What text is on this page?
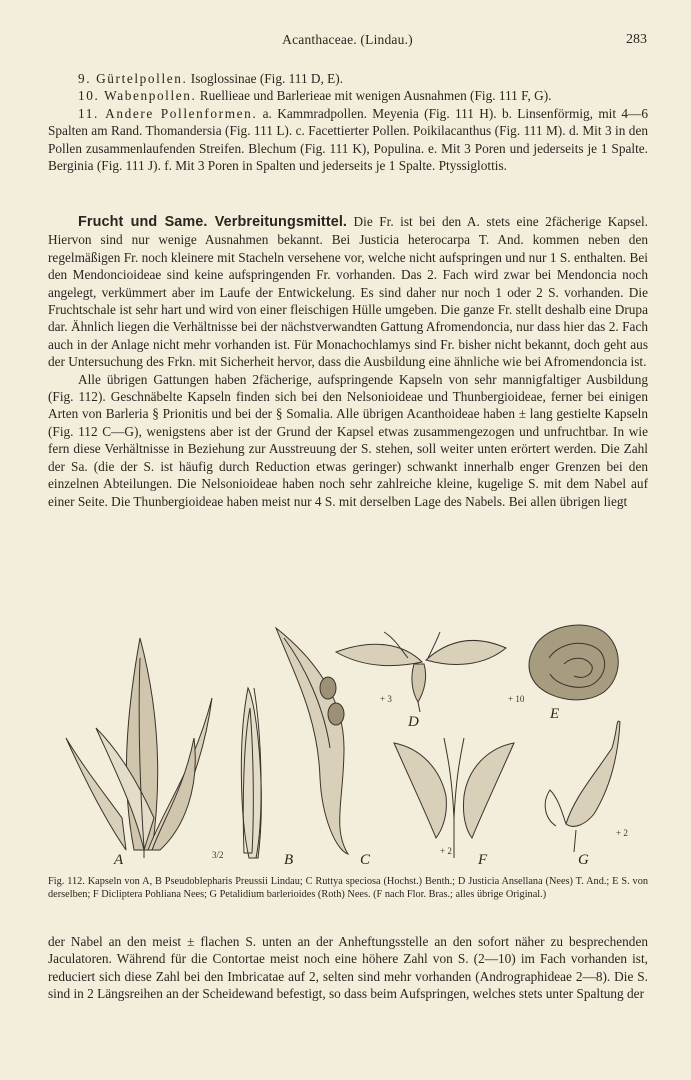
Acanthaceae. (Lindau.)	283

9. Gürtelpollen. Isoglossinae (Fig. 111 D, E).

10. Wabenpollen. Ruellieae und Barlerieae mit wenigen Ausnahmen (Fig. 111 F, G).

11. Andere Pollenformen. a. Kammradpollen. Meyenia (Fig. 111 H). b. Linsenförmig, mit 4—6 Spalten am Rand. Thomandersia (Fig. 111 L). c. Facettierter Pollen. Poikilacanthus (Fig. 111 M). d. Mit 3 in den Pollen zusammenlaufenden Streifen. Blechum (Fig. 111 K), Populina. e. Mit 3 Poren und jederseits je 1 Spalte. Berginia (Fig. 111 J). f. Mit 3 Poren in Spalten und jederseits je 1 Spalte. Ptyssiglottis.

Frucht und Same. Verbreitungsmittel. Die Fr. ist bei den A. stets eine 2fächerige Kapsel. Hiervon sind nur wenige Ausnahmen bekannt. Bei Justicia heterocarpa T. And. kommen neben den regelmäßigen Fr. noch kleinere mit Stacheln versehene vor, welche nicht aufspringen und nur 1 S. enthalten. Bei den Mendoncioideae sind keine aufspringenden Fr. vorhanden. Das 2. Fach wird zwar bei Mendoncia noch angelegt, verkümmert aber im Laufe der Entwickelung. Es sind daher nur noch 1 oder 2 S. vorhanden. Die Fruchtschale ist sehr hart und wird von einer fleischigen Hülle umgeben. Die ganze Fr. stellt deshalb eine Drupa dar. Ähnlich liegen die Verhältnisse bei der nächstverwandten Gattung Afromendoncia, nur dass hier das 2. Fach auch in der Anlage nicht mehr vorhanden ist. Für Monachochlamys sind Fr. bisher nicht bekannt, doch geht aus der Untersuchung des Frkn. mit Sicherheit hervor, dass die Ausbildung eine ähnliche wie bei Afromendoncia ist.

Alle übrigen Gattungen haben 2fächerige, aufspringende Kapseln von sehr mannigfaltiger Ausbildung (Fig. 112). Geschnäbelte Kapseln finden sich bei den Nelsonioideae und Thunbergioideae, ferner bei einigen Arten von Barleria § Prionitis und bei der § Somalia. Alle übrigen Acanthoideae haben ± lang gestielte Kapseln (Fig. 112 C—G), wenigstens aber ist der Grund der Kapsel etwas zusammengezogen und unfruchtbar. In wie fern diese Verhältnisse in Beziehung zur Ausstreuung der S. stehen, soll weiter unten erörtert werden. Die Zahl der Sa. (die der S. ist häufig durch Reduction etwas geringer) schwankt innerhalb enger Grenzen bei den einzelnen Abteilungen. Die Nelsonioideae haben noch sehr zahlreiche kleine, kugelige S. mit dem Nabel auf einer Seite. Die Thunbergioideae haben meist nur 4 S. mit derselben Lage des Nabels. Bei allen übrigen liegt

A	3/2	B	C
+ 2
+ 3
D
+ 10
E
F
+ 2
G

Fig. 112. Kapseln von A, B Pseudoblepharis Preussii Lindau; C Ruttya speciosa (Hochst.) Benth.; D Justicia Ansellana (Nees) T. And.; E S. von derselben; F Dicliptera Pohliana Nees; G Petalidium barlerioides (Roth) Nees. (F nach Flor. Bras.; alles übrige Original.)

der Nabel an den meist ± flachen S. unten an der Anheftungsstelle an den sofort näher zu besprechenden Jaculatoren. Während für die Contortae meist noch eine höhere Zahl von S. (2—10) im Fach vorhanden ist, reduciert sich diese Zahl bei den Imbricatae auf 2, selten sind mehr vorhanden (Andrographideae 2—8). Die S. sind in 2 Längsreihen an der Scheidewand befestigt, so dass beim Aufspringen, welches stets unter Spaltung der
